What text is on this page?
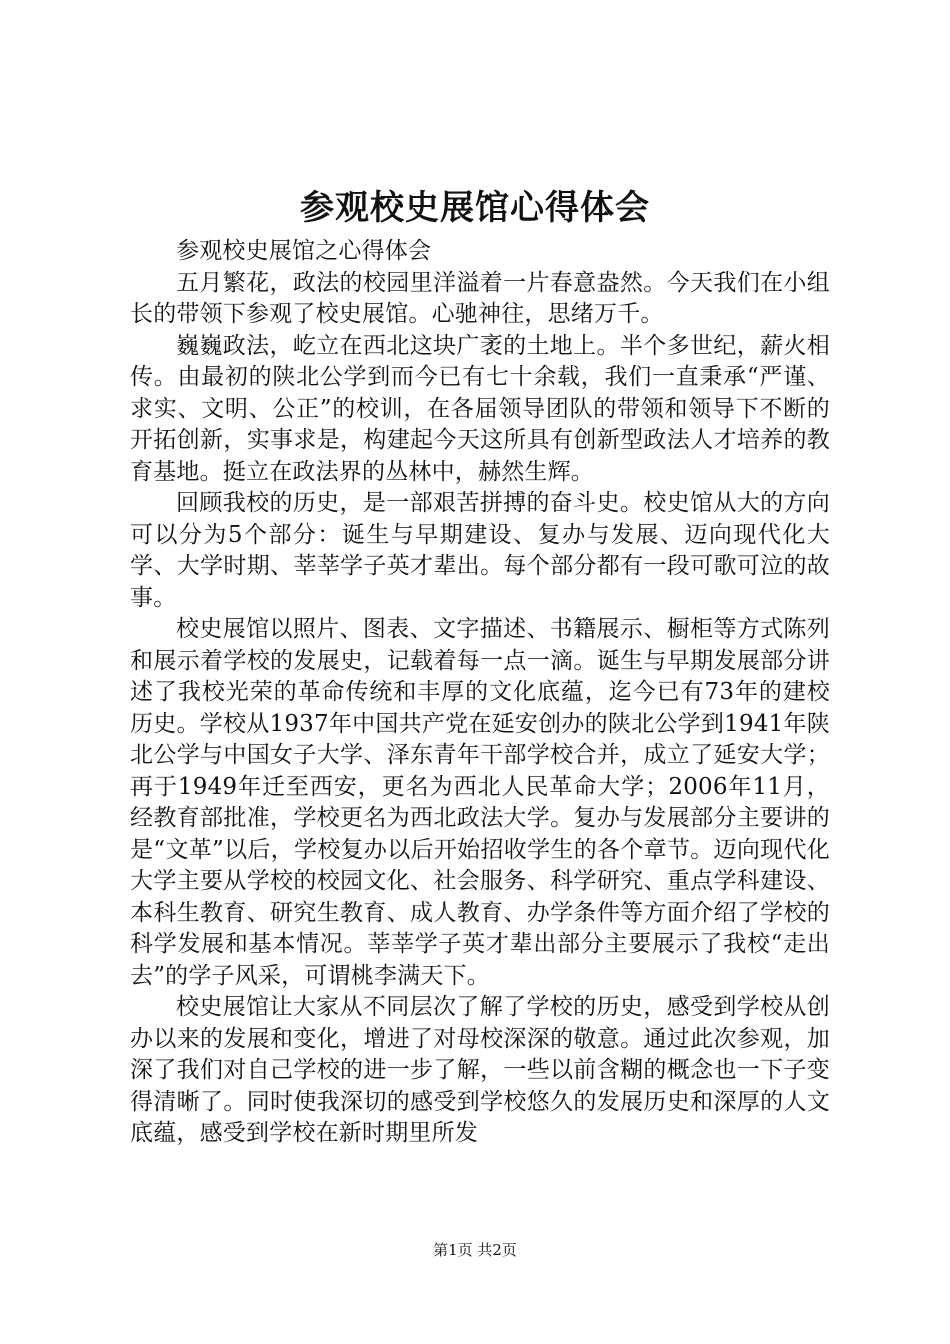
参观校史展馆心得体会

参观校史展馆之心得体会

五月繁花，政法的校园里洋溢着一片春意盎然。今天我们在小组长的带领下参观了校史展馆。心驰神往，思绪万千。

巍巍政法，屹立在西北这块广袤的土地上。半个多世纪，薪火相传。由最初的陕北公学到而今已有七十余载，我们一直秉承“严谨、求实、文明、公正”的校训，在各届领导团队的带领和领导下不断的开拓创新，实事求是，构建起今天这所具有创新型政法人才培养的教育基地。挺立在政法界的丛林中，赫然生辉。

回顾我校的历史，是一部艰苦拼搏的奋斗史。校史馆从大的方向可以分为5个部分：诞生与早期建设、复办与发展、迈向现代化大学、大学时期、莘莘学子英才辈出。每个部分都有一段可歌可泣的故事。

校史展馆以照片、图表、文字描述、书籍展示、橱柜等方式陈列和展示着学校的发展史，记载着每一点一滴。诞生与早期发展部分讲述了我校光荣的革命传统和丰厚的文化底蕴，迄今已有73年的建校历史。学校从1937年中国共产党在延安创办的陕北公学到1941年陕北公学与中国女子大学、泽东青年干部学校合并，成立了延安大学；再于1949年迁至西安，更名为西北人民革命大学；2006年11月，经教育部批准，学校更名为西北政法大学。复办与发展部分主要讲的是“文革”以后，学校复办以后开始招收学生的各个章节。迈向现代化大学主要从学校的校园文化、社会服务、科学研究、重点学科建设、本科生教育、研究生教育、成人教育、办学条件等方面介绍了学校的科学发展和基本情况。莘莘学子英才辈出部分主要展示了我校“走出去”的学子风采，可谓桃李满天下。

校史展馆让大家从不同层次了解了学校的历史，感受到学校从创办以来的发展和变化，增进了对母校深深的敬意。通过此次参观，加深了我们对自己学校的进一步了解，一些以前含糊的概念也一下子变得清晰了。同时使我深切的感受到学校悠久的发展历史和深厚的人文底蕴，感受到学校在新时期里所发

第1页 共2页
